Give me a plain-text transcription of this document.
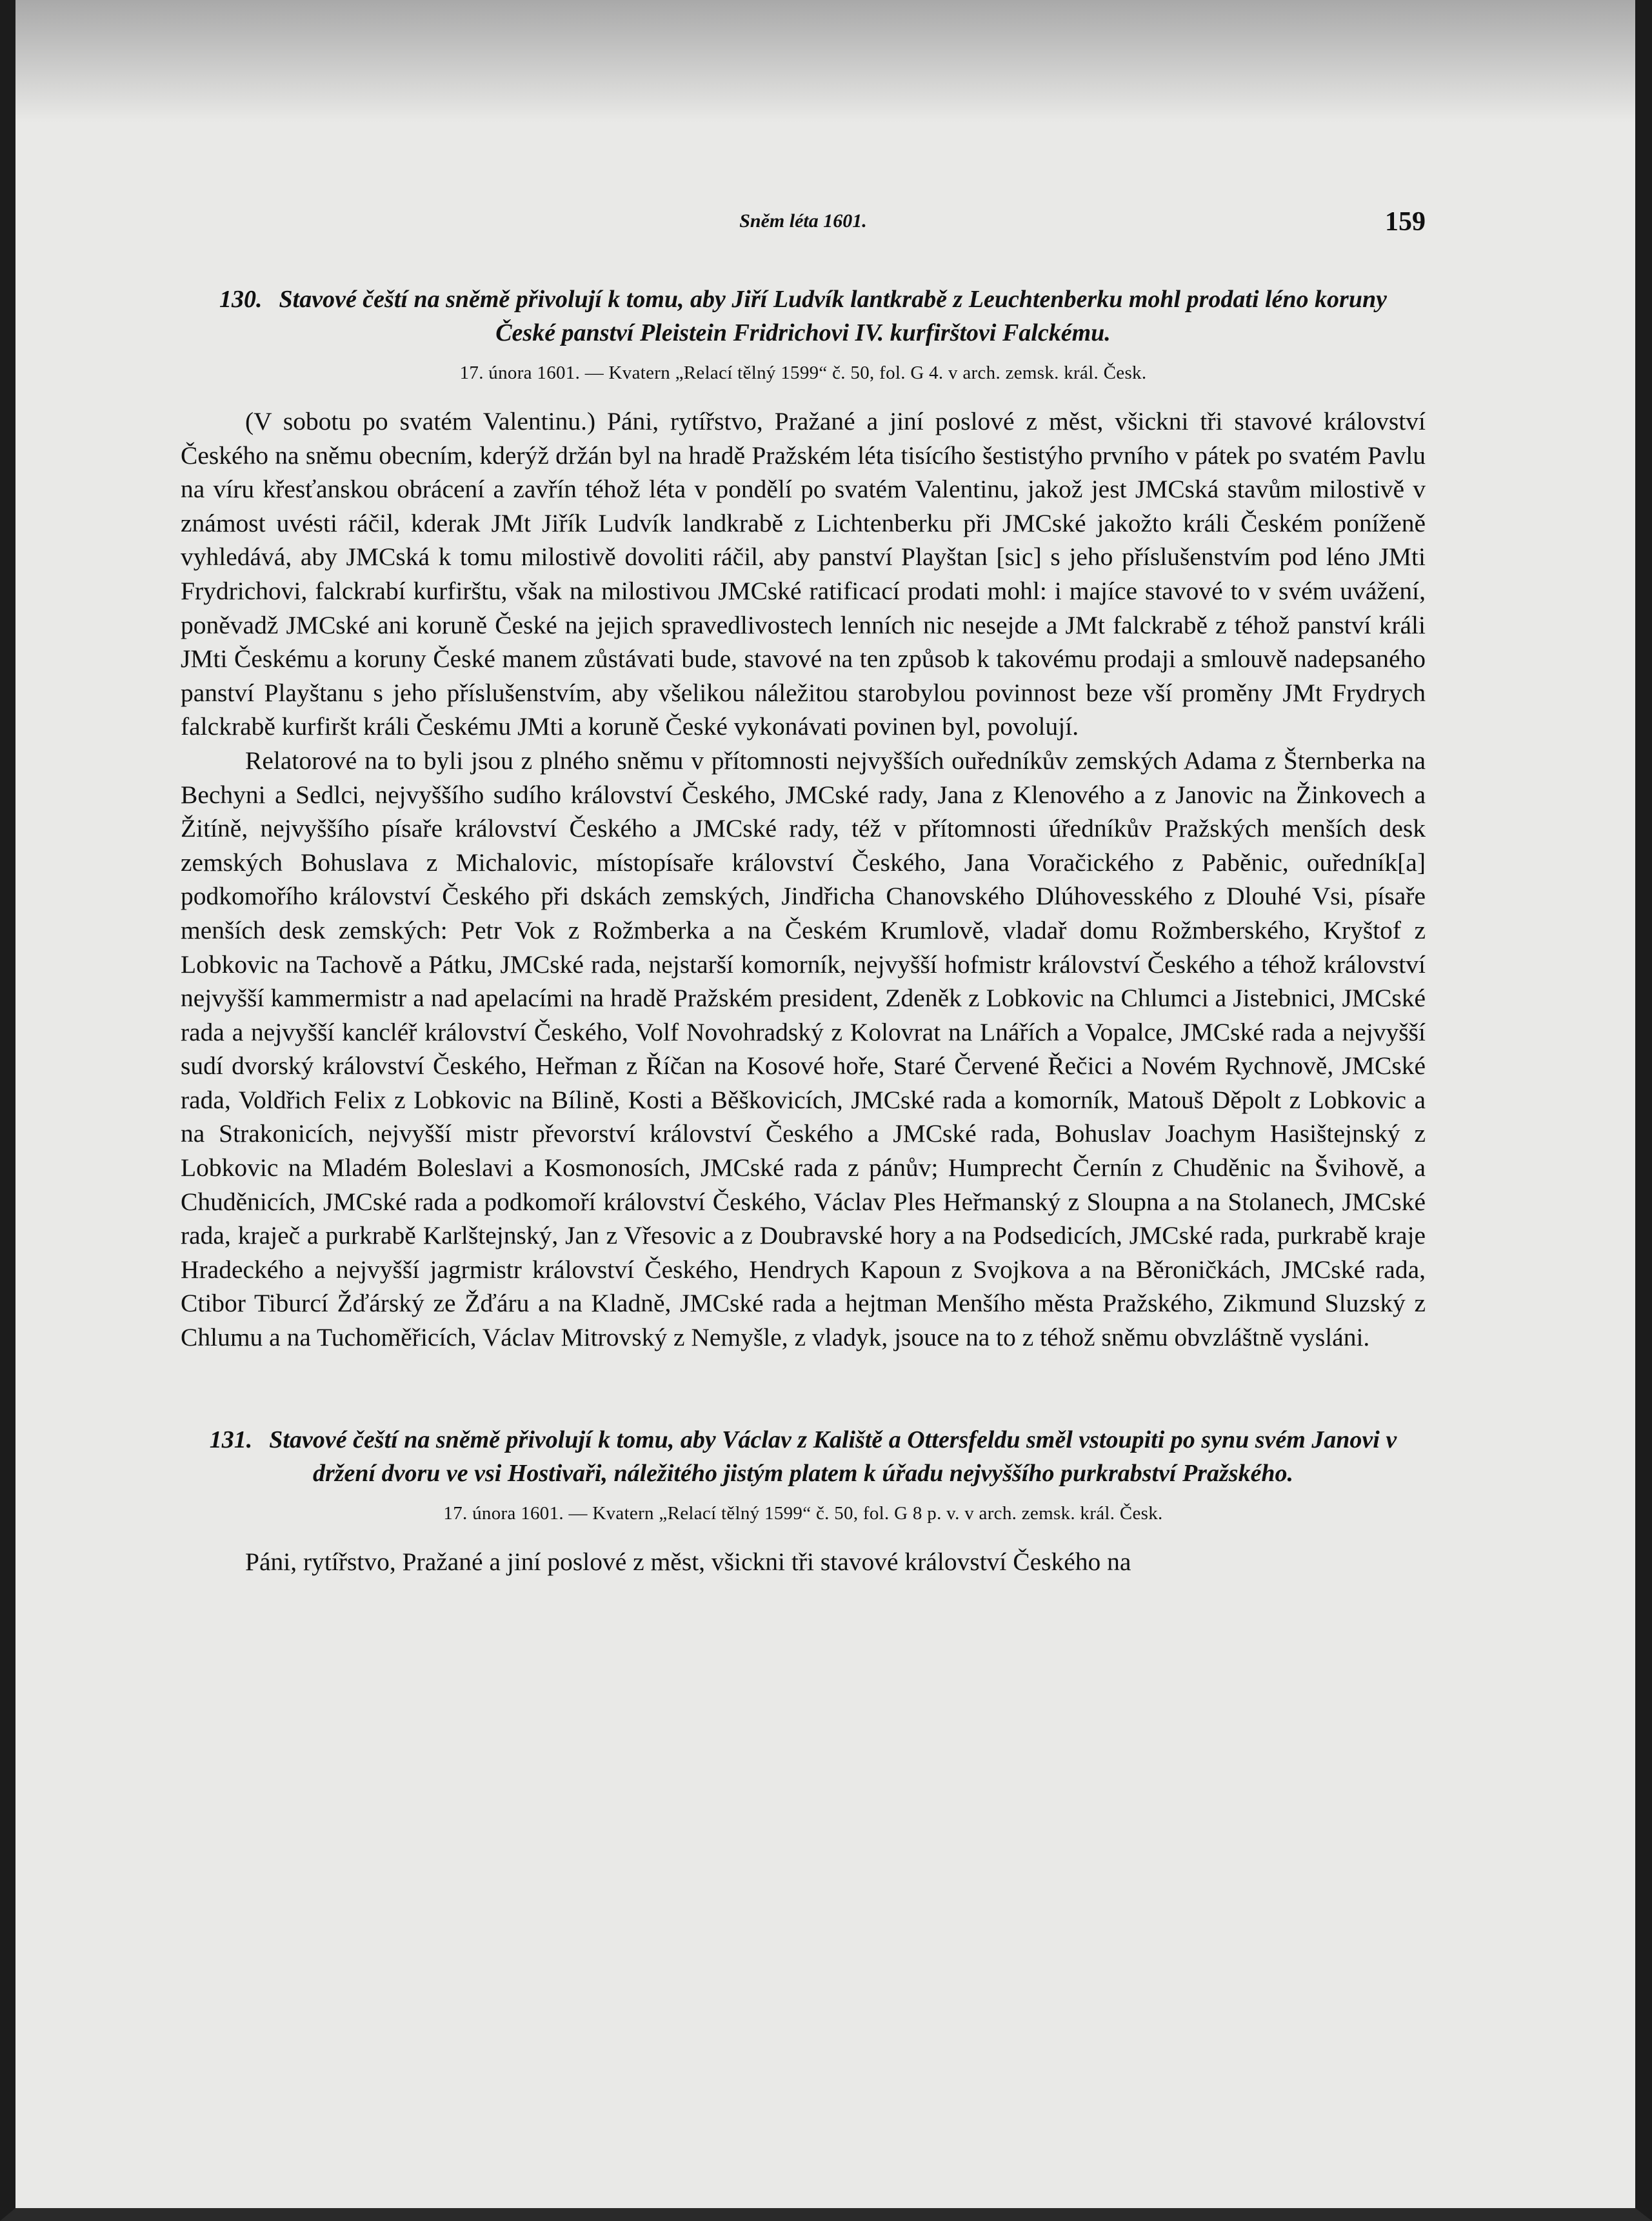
Sněm léta 1601.	159
130. Stavové čeští na sněmě přivolují k tomu, aby Jiří Ludvík lantkrabě z Leuchtenberku mohl prodati léno koruny České panství Pleistein Fridrichovi IV. kurfirštovi Falckému.
17. února 1601. — Kvatern „Relací tělný 1599“ č. 50, fol. G 4. v arch. zemsk. král. Česk.

(V sobotu po svatém Valentinu.) Páni, rytířstvo, Pražané a jiní poslové z měst, všickni tři stavové království Českého na sněmu obecním, kderýž držán byl na hradě Pražském léta tisícího šestistýho prvního v pátek po svatém Pavlu na víru křesťanskou obrácení a zavřín téhož léta v pondělí po svatém Valentinu, jakož jest JMCská stavům milostivě v známost uvésti ráčil, kderak JMt Jiřík Ludvík landkrabě z Lichtenberku při JMCské jakožto králi Českém poníženě vyhledává, aby JMCská k tomu milostivě dovoliti ráčil, aby panství Playštan [sic] s jeho příslušenstvím pod léno JMti Frydrichovi, falckrabí kurfirštu, však na milostivou JMCské ratificací prodati mohl: i majíce stavové to v svém uvážení, poněvadž JMCské ani koruně České na jejich spravedlivostech lenních nic nesejde a JMt falckrabě z téhož panství králi JMti Českému a koruny České manem zůstávati bude, stavové na ten způsob k takovému prodaji a smlouvě nadepsaného panství Playštanu s jeho příslušenstvím, aby všelikou náležitou starobylou povinnost beze vší proměny JMt Frydrych falckrabě kurfiršt králi Českému JMti a koruně České vykonávati povinen byl, povolují.

Relatorové na to byli jsou z plného sněmu v přítomnosti nejvyšších ouředníkův zemských Adama z Šternberka na Bechyni a Sedlci, nejvyššího sudího království Českého, JMCské rady, Jana z Klenového a z Janovic na Žinkovech a Žitíně, nejvyššího písaře království Českého a JMCské rady, též v přítomnosti úředníkův Pražských menších desk zemských Bohuslava z Michalovic, místopísaře království Českého, Jana Voračického z Paběnic, ouředník[a] podkomořího království Českého při dskách zemských, Jindřicha Chanovského Dlúhovesského z Dlouhé Vsi, písaře menších desk zemských: Petr Vok z Rožmberka a na Českém Krumlově, vladař domu Rožmberského, Kryštof z Lobkovic na Tachově a Pátku, JMCské rada, nejstarší komorník, nejvyšší hofmistr království Českého a téhož království nejvyšší kammermistr a nad apelacími na hradě Pražském president, Zdeněk z Lobkovic na Chlumci a Jistebnici, JMCské rada a nejvyšší kancléř království Českého, Volf Novohradský z Kolovrat na Lnářích a Vopalce, JMCské rada a nejvyšší sudí dvorský království Českého, Heřman z Říčan na Kosové hoře, Staré Červené Řečici a Novém Rychnově, JMCské rada, Voldřich Felix z Lobkovic na Bílině, Kosti a Běškovicích, JMCské rada a komorník, Matouš Děpolt z Lobkovic a na Strakonicích, nejvyšší mistr převorství království Českého a JMCské rada, Bohuslav Joachym Hasištejnský z Lobkovic na Mladém Boleslavi a Kosmonosích, JMCské rada z pánův; Humprecht Černín z Chuděnic na Švihově, a Chuděnicích, JMCské rada a podkomoří království Českého, Václav Ples Heřmanský z Sloupna a na Stolanech, JMCské rada, kraječ a purkrabě Karlštejnský, Jan z Vřesovic a z Doubravské hory a na Podsedicích, JMCské rada, purkrabě kraje Hradeckého a nejvyšší jagrmistr království Českého, Hendrych Kapoun z Svojkova a na Běroničkách, JMCské rada, Ctibor Tiburcí Žďárský ze Žďáru a na Kladně, JMCské rada a hejtman Menšího města Pražského, Zikmund Sluzský z Chlumu a na Tuchoměřicích, Václav Mitrovský z Nemyšle, z vladyk, jsouce na to z téhož sněmu obvzláštně vysláni.

131. Stavové čeští na sněmě přivolují k tomu, aby Václav z Kaliště a Ottersfeldu směl vstoupiti po synu svém Janovi v držení dvoru ve vsi Hostivaři, náležitého jistým platem k úřadu nejvyššího purkrabství Pražského.
17. února 1601. — Kvatern „Relací tělný 1599“ č. 50, fol. G 8 p. v. v arch. zemsk. král. Česk.

Páni, rytířstvo, Pražané a jiní poslové z měst, všickni tři stavové království Českého na
